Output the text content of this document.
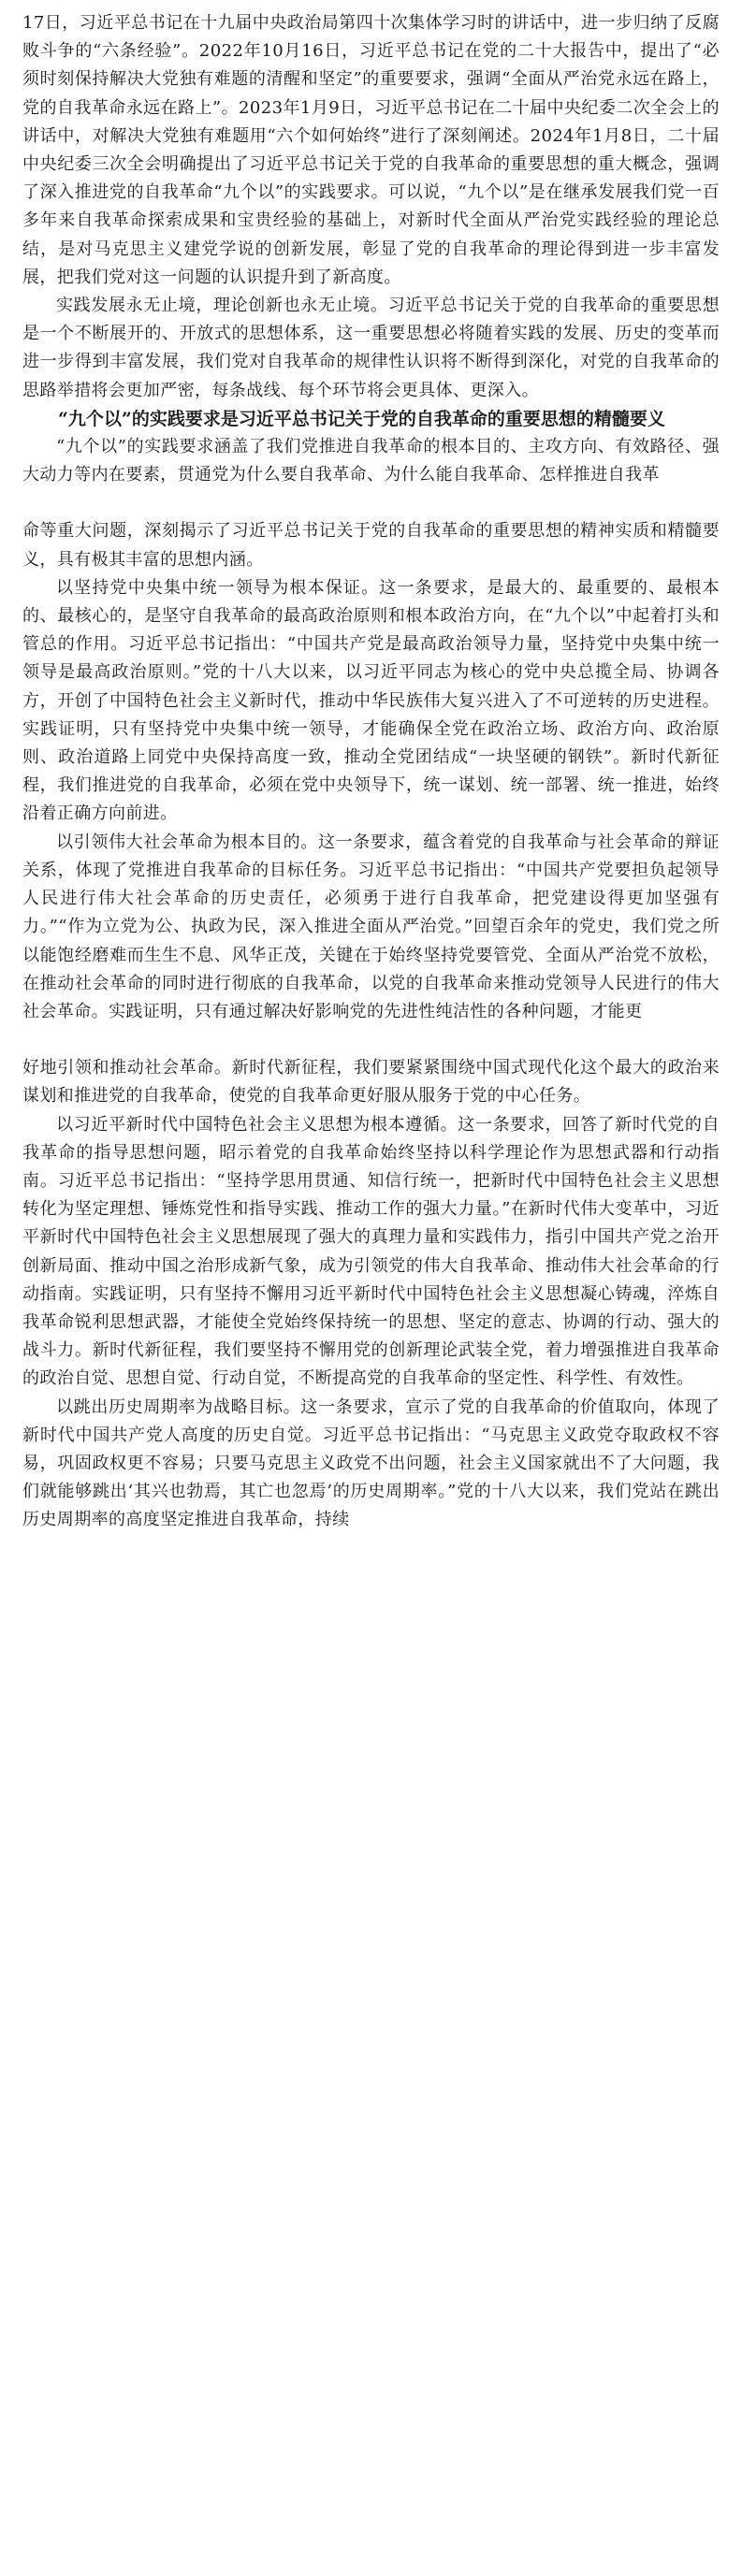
17日，习近平总书记在十九届中央政治局第四十次集体学习时的讲话中，进一步归纳了反腐败斗争的“六条经验”。2022年10月16日，习近平总书记在党的二十大报告中，提出了“必须时刻保持解决大党独有难题的清醒和坚定”的重要要求，强调“全面从严治党永远在路上，党的自我革命永远在路上”。2023年1月9日，习近平总书记在二十届中央纪委二次全会上的讲话中，对解决大党独有难题用“六个如何始终”进行了深刻阐述。2024年1月8日，二十届中央纪委三次全会明确提出了习近平总书记关于党的自我革命的重要思想的重大概念，强调了深入推进党的自我革命“九个以”的实践要求。可以说，“九个以”是在继承发展我们党一百多年来自我革命探索成果和宝贵经验的基础上，对新时代全面从严治党实践经验的理论总结，是对马克思主义建党学说的创新发展，彰显了党的自我革命的理论得到进一步丰富发展，把我们党对这一问题的认识提升到了新高度。

实践发展永无止境，理论创新也永无止境。习近平总书记关于党的自我革命的重要思想是一个不断展开的、开放式的思想体系，这一重要思想必将随着实践的发展、历史的变革而进一步得到丰富发展，我们党对自我革命的规律性认识将不断得到深化，对党的自我革命的思路举措将会更加严密，每条战线、每个环节将会更具体、更深入。

“九个以”的实践要求是习近平总书记关于党的自我革命的重要思想的精髓要义

“九个以”的实践要求涵盖了我们党推进自我革命的根本目的、主攻方向、有效路径、强大动力等内在要素，贯通党为什么要自我革命、为什么能自我革命、怎样推进自我革

命等重大问题，深刻揭示了习近平总书记关于党的自我革命的重要思想的精神实质和精髓要义，具有极其丰富的思想内涵。

以坚持党中央集中统一领导为根本保证。这一条要求，是最大的、最重要的、最根本的、最核心的，是坚守自我革命的最高政治原则和根本政治方向，在“九个以”中起着打头和管总的作用。习近平总书记指出：“中国共产党是最高政治领导力量，坚持党中央集中统一领导是最高政治原则。”党的十八大以来，以习近平同志为核心的党中央总揽全局、协调各方，开创了中国特色社会主义新时代，推动中华民族伟大复兴进入了不可逆转的历史进程。实践证明，只有坚持党中央集中统一领导，才能确保全党在政治立场、政治方向、政治原则、政治道路上同党中央保持高度一致，推动全党团结成“一块坚硬的钢铁”。新时代新征程，我们推进党的自我革命，必须在党中央领导下，统一谋划、统一部署、统一推进，始终沿着正确方向前进。

以引领伟大社会革命为根本目的。这一条要求，蕴含着党的自我革命与社会革命的辩证关系，体现了党推进自我革命的目标任务。习近平总书记指出：“中国共产党要担负起领导人民进行伟大社会革命的历史责任，必须勇于进行自我革命，把党建设得更加坚强有力。”“作为立党为公、执政为民，深入推进全面从严治党。”回望百余年的党史，我们党之所以能饱经磨难而生生不息、风华正茂，关键在于始终坚持党要管党、全面从严治党不放松，在推动社会革命的同时进行彻底的自我革命，以党的自我革命来推动党领导人民进行的伟大社会革命。实践证明，只有通过解决好影响党的先进性纯洁性的各种问题，才能更

好地引领和推动社会革命。新时代新征程，我们要紧紧围绕中国式现代化这个最大的政治来谋划和推进党的自我革命，使党的自我革命更好服从服务于党的中心任务。

以习近平新时代中国特色社会主义思想为根本遵循。这一条要求，回答了新时代党的自我革命的指导思想问题，昭示着党的自我革命始终坚持以科学理论作为思想武器和行动指南。习近平总书记指出：“坚持学思用贯通、知信行统一，把新时代中国特色社会主义思想转化为坚定理想、锤炼党性和指导实践、推动工作的强大力量。”在新时代伟大变革中，习近平新时代中国特色社会主义思想展现了强大的真理力量和实践伟力，指引中国共产党之治开创新局面、推动中国之治形成新气象，成为引领党的伟大自我革命、推动伟大社会革命的行动指南。实践证明，只有坚持不懈用习近平新时代中国特色社会主义思想凝心铸魂，淬炼自我革命锐利思想武器，才能使全党始终保持统一的思想、坚定的意志、协调的行动、强大的战斗力。新时代新征程，我们要坚持不懈用党的创新理论武装全党，着力增强推进自我革命的政治自觉、思想自觉、行动自觉，不断提高党的自我革命的坚定性、科学性、有效性。

以跳出历史周期率为战略目标。这一条要求，宣示了党的自我革命的价值取向，体现了新时代中国共产党人高度的历史自觉。习近平总书记指出：“马克思主义政党夺取政权不容易，巩固政权更不容易；只要马克思主义政党不出问题，社会主义国家就出不了大问题，我们就能够跳出‘其兴也勃焉，其亡也忽焉’的历史周期率。”党的十八大以来，我们党站在跳出历史周期率的高度坚定推进自我革命，持续
